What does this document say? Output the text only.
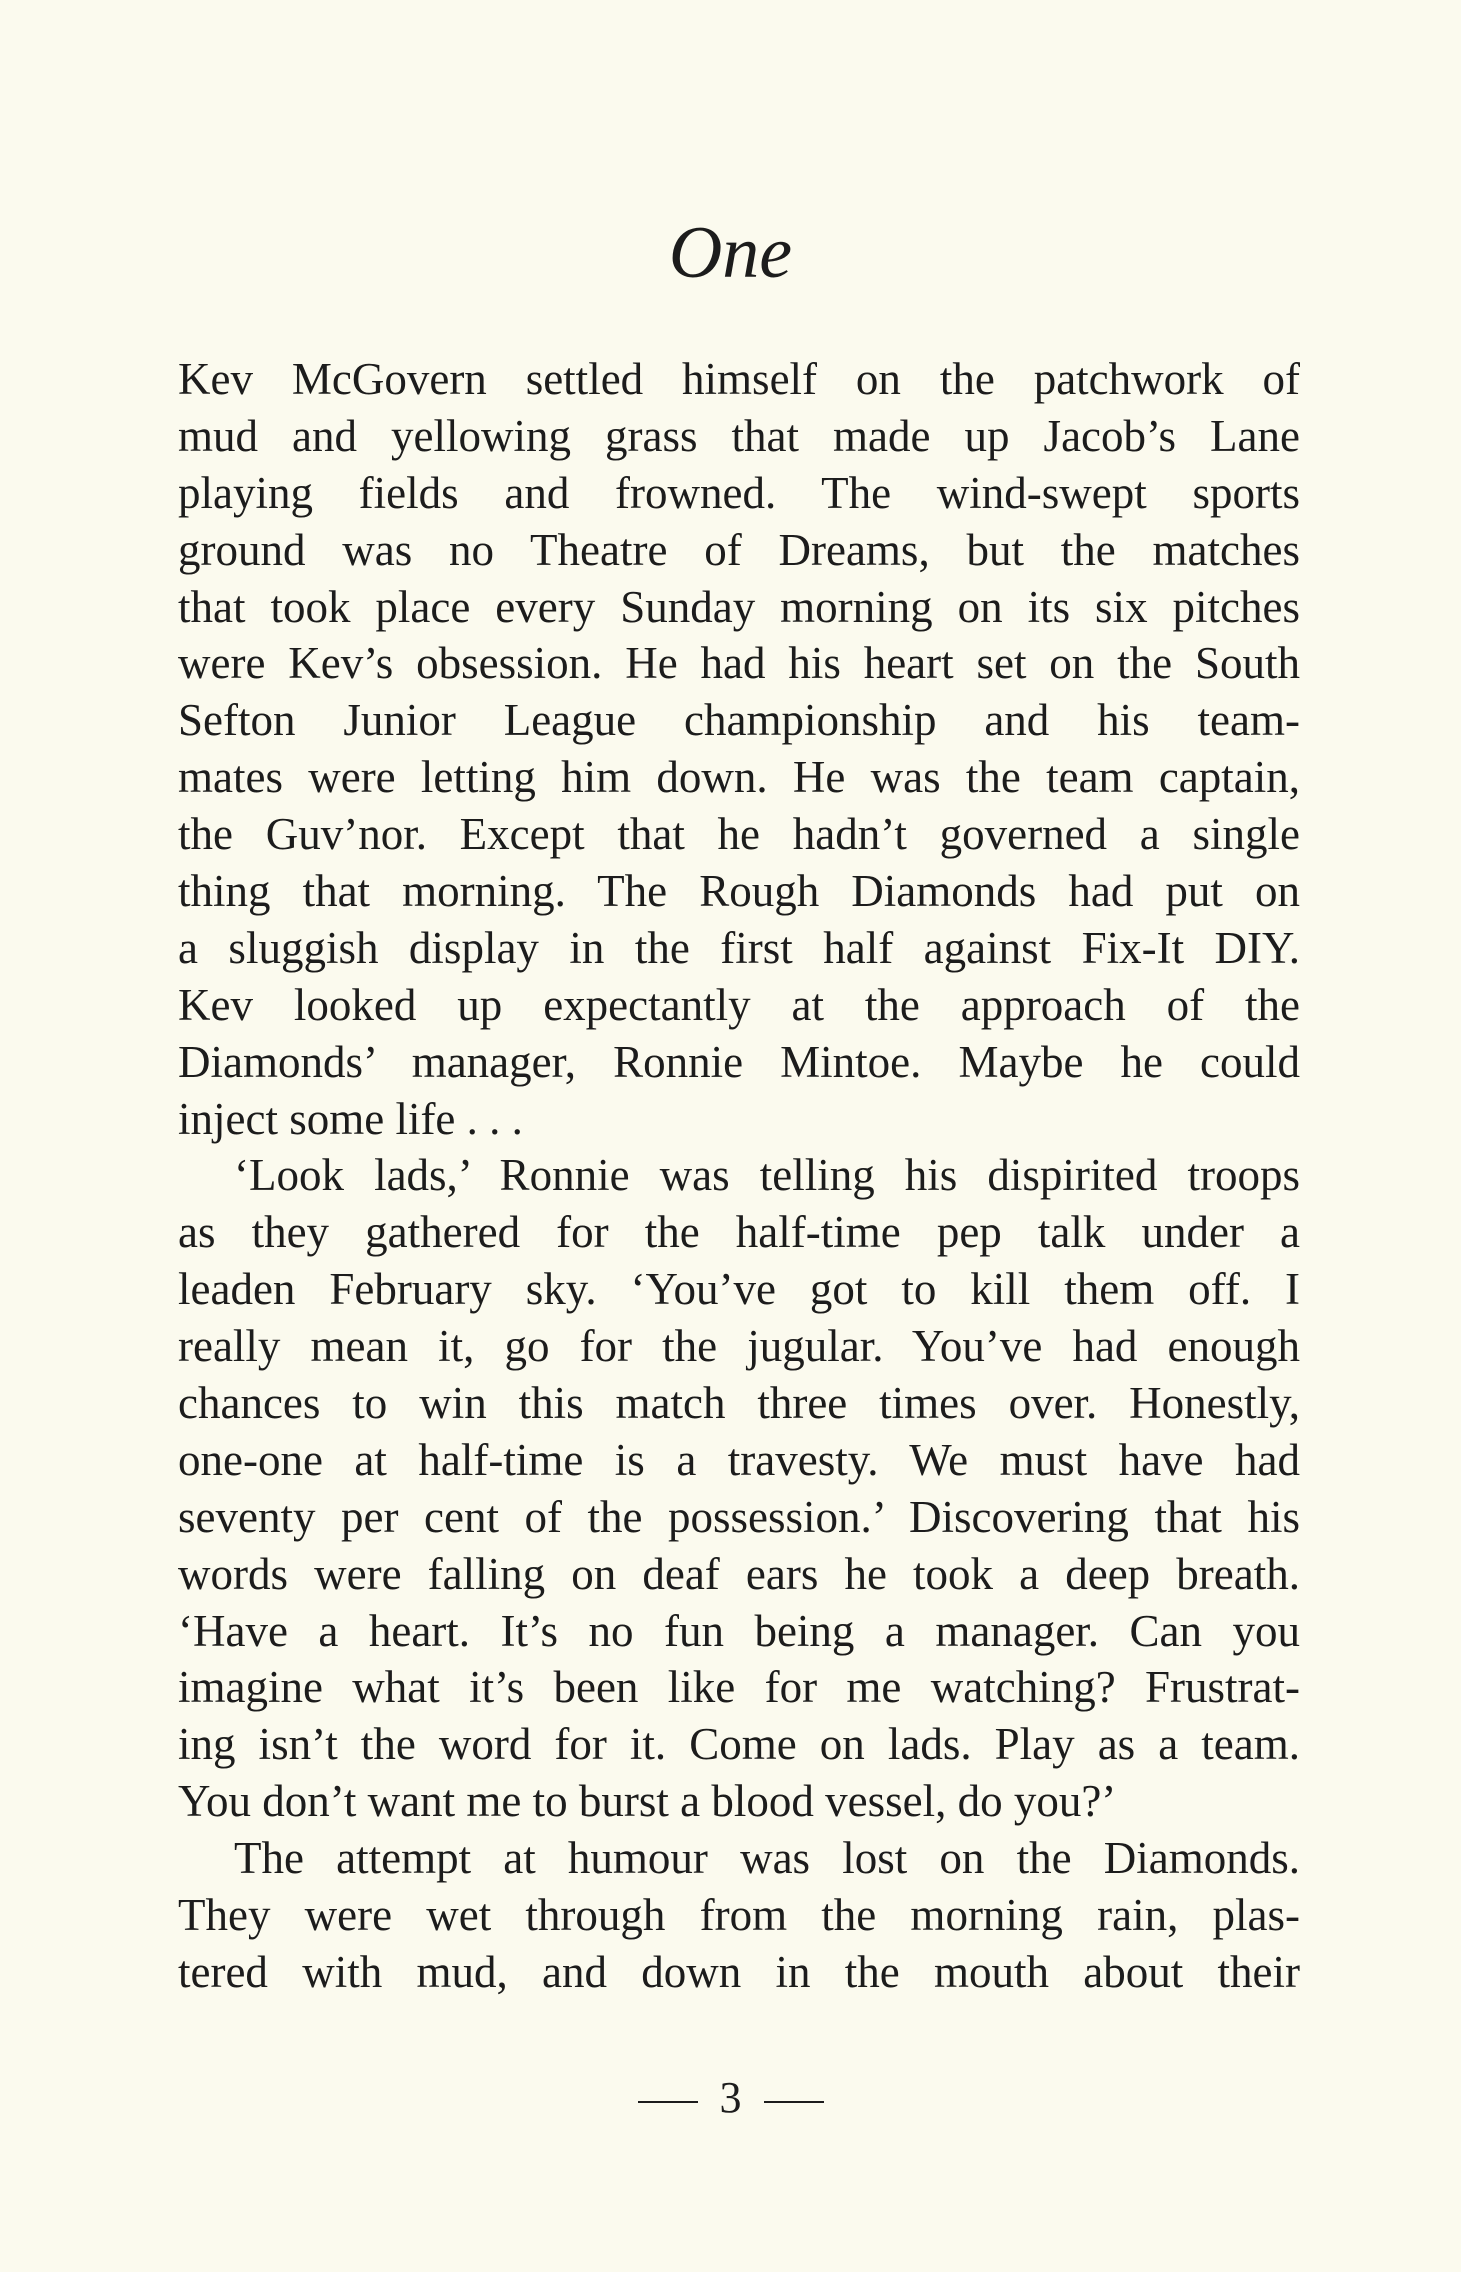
One
Kev McGovern settled himself on the patchwork of
mud and yellowing grass that made up Jacob’s Lane
playing fields and frowned. The wind-swept sports
ground was no Theatre of Dreams, but the matches
that took place every Sunday morning on its six pitches
were Kev’s obsession. He had his heart set on the South
Sefton Junior League championship and his team-
mates were letting him down. He was the team captain,
the Guv’nor. Except that he hadn’t governed a single
thing that morning. The Rough Diamonds had put on
a sluggish display in the first half against Fix-It DIY.
Kev looked up expectantly at the approach of the
Diamonds’ manager, Ronnie Mintoe. Maybe he could
inject some life . . .
‘Look lads,’ Ronnie was telling his dispirited troops
as they gathered for the half-time pep talk under a
leaden February sky. ‘You’ve got to kill them off. I
really mean it, go for the jugular. You’ve had enough
chances to win this match three times over. Honestly,
one-one at half-time is a travesty. We must have had
seventy per cent of the possession.’ Discovering that his
words were falling on deaf ears he took a deep breath.
‘Have a heart. It’s no fun being a manager. Can you
imagine what it’s been like for me watching? Frustrat-
ing isn’t the word for it. Come on lads. Play as a team.
You don’t want me to burst a blood vessel, do you?’
The attempt at humour was lost on the Diamonds.
They were wet through from the morning rain, plas-
tered with mud, and down in the mouth about their
3
